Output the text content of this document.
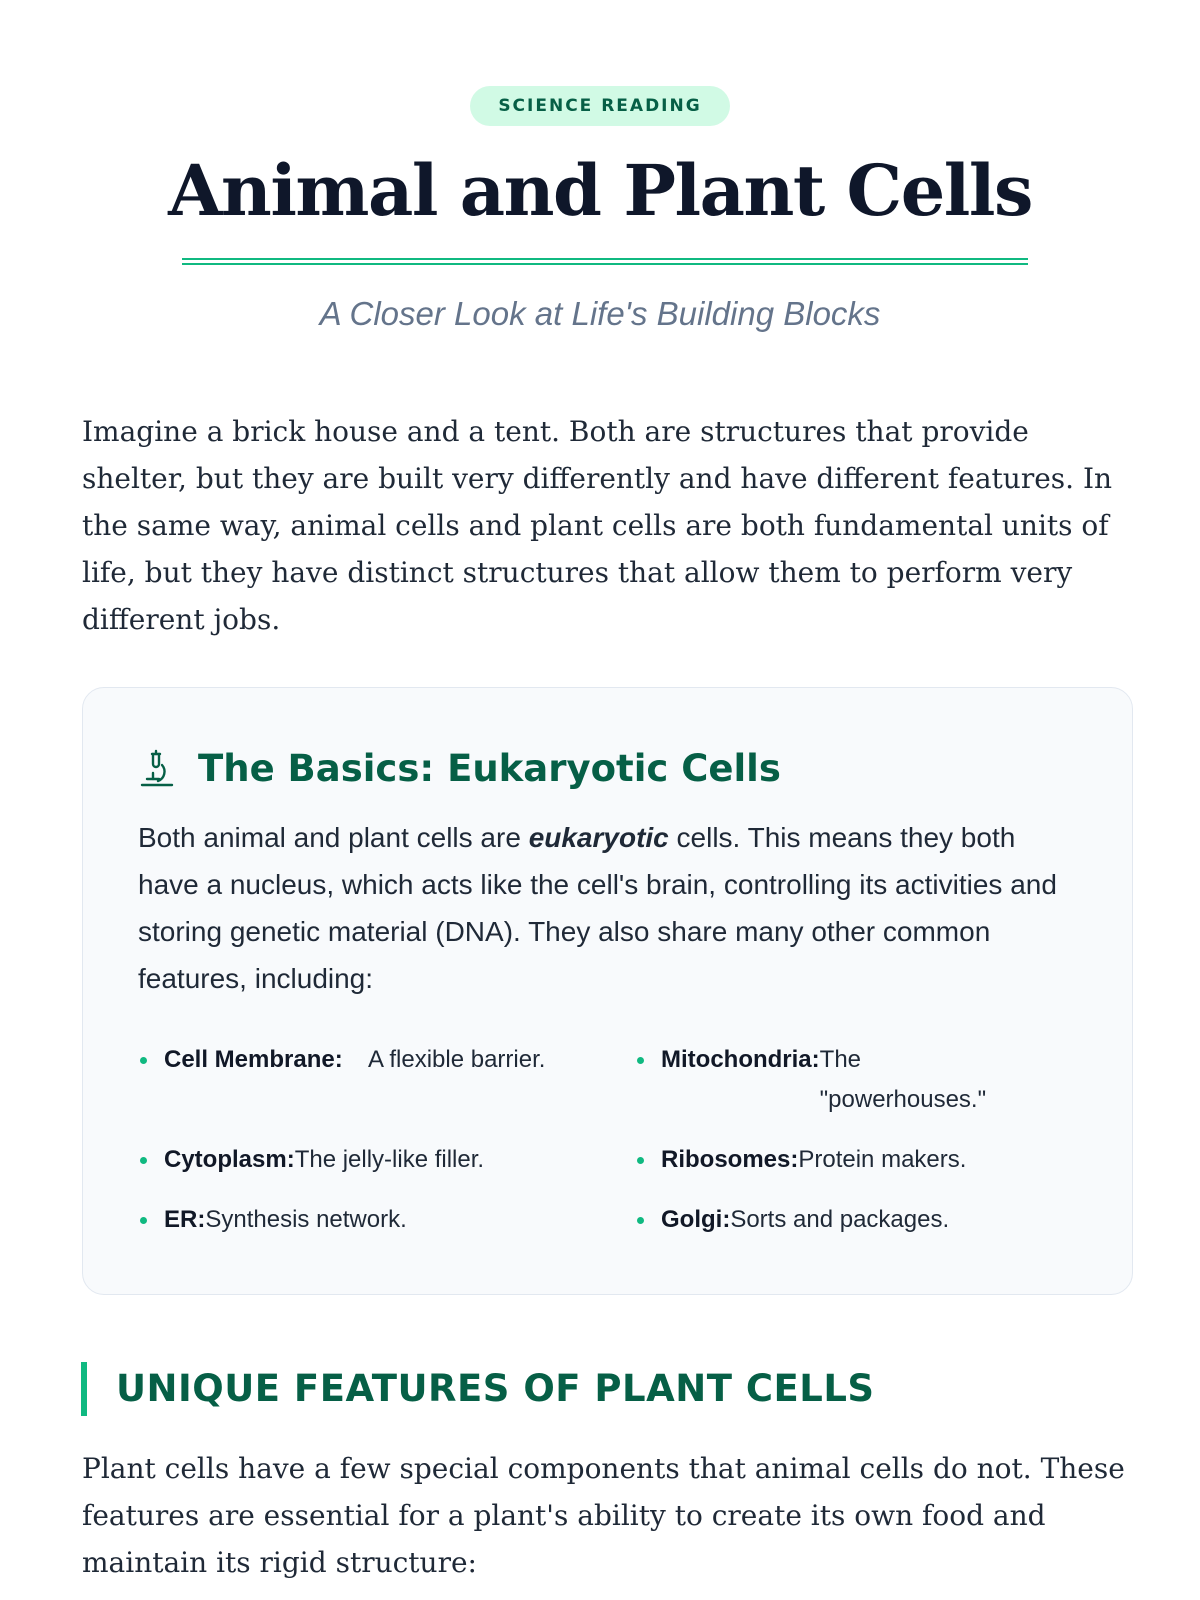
SCIENCE READING
Animal and Plant Cells

A Closer Look at Life's Building Blocks

Imagine a brick house and a tent. Both are structures that provide shelter, but they are built very differently and have different features. In the same way, animal cells and plant cells are both fundamental units of life, but they have distinct structures that allow them to perform very different jobs.

The Basics: Eukaryotic Cells

Both animal and plant cells are eukaryotic cells. This means they both have a nucleus, which acts like the cell's brain, controlling its activities and storing genetic material (DNA). They also share many other common features, including:

Cell Membrane:	A flexible barrier.	Mitochondria: The "powerhouses."
Cytoplasm: The jelly-like filler.	Ribosomes: Protein makers.
ER: Synthesis network.	Golgi: Sorts and packages.
UNIQUE FEATURES OF PLANT CELLS

Plant cells have a few special components that animal cells do not. These features are essential for a plant's ability to create its own food and maintain its rigid structure:
